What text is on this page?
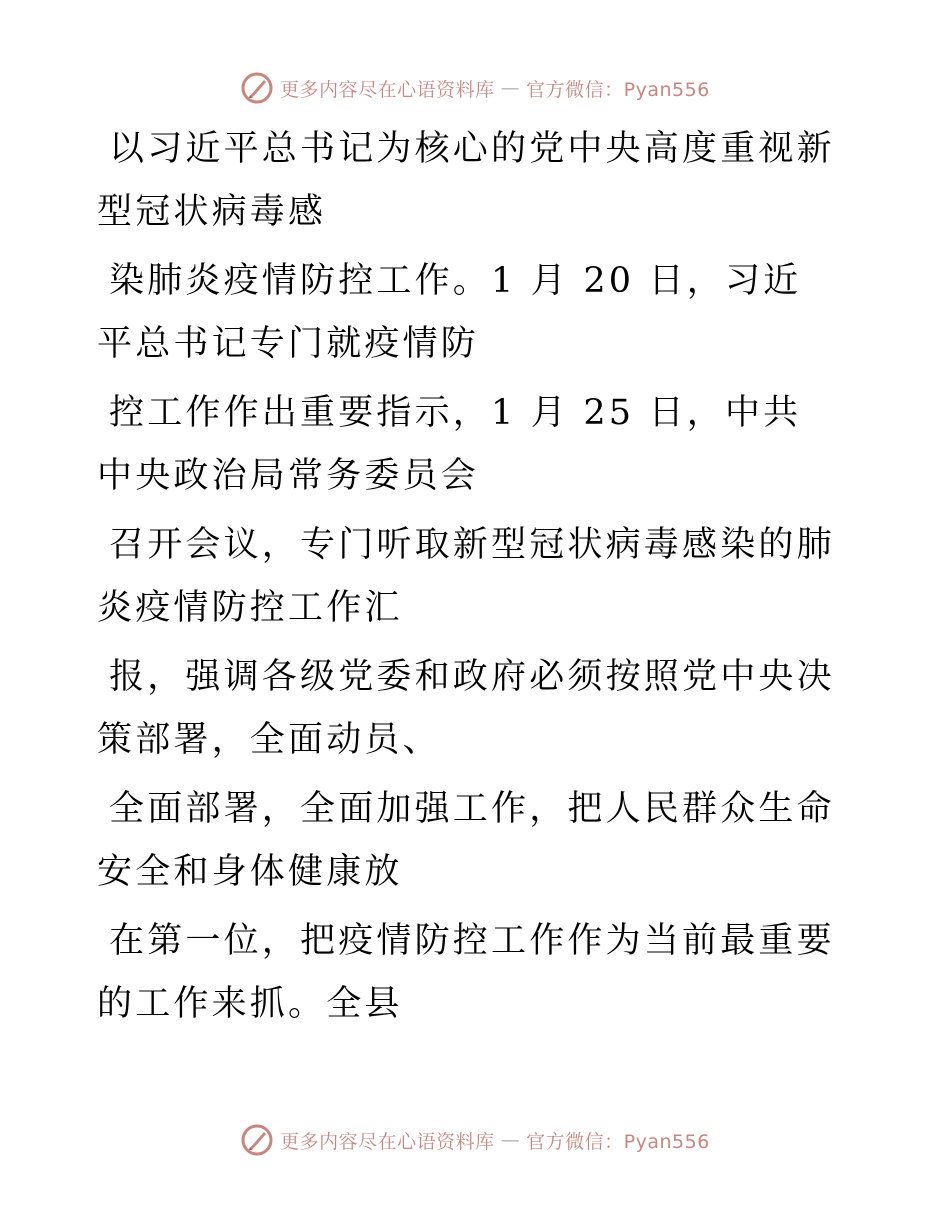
更多内容尽在心语资料库 — 官方微信：Pyan556

以习近平总书记为核心的党中央高度重视新型冠状病毒感

染肺炎疫情防控工作。1 月 20 日，习近平总书记专门就疫情防

控工作作出重要指示，1 月 25 日，中共中央政治局常务委员会

召开会议，专门听取新型冠状病毒感染的肺炎疫情防控工作汇

报，强调各级党委和政府必须按照党中央决策部署，全面动员、

全面部署，全面加强工作，把人民群众生命安全和身体健康放

在第一位，把疫情防控工作作为当前最重要的工作来抓。全县

更多内容尽在心语资料库 — 官方微信：Pyan556
